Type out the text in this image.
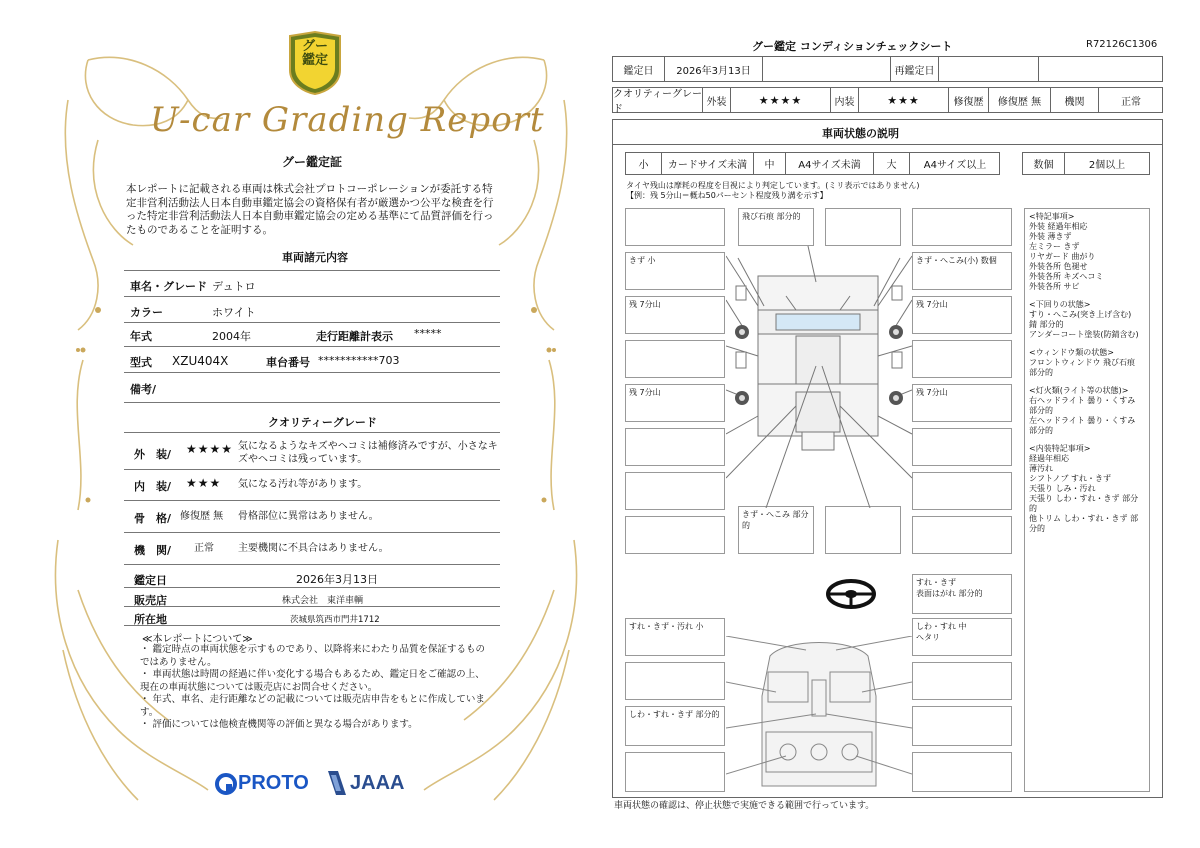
グー
鑑定
U-car Grading Report
グー鑑定証
本レポートに記載される車両は株式会社プロトコーポレーションが委託する特定非営利活動法人日本自動車鑑定協会の資格保有者が厳選かつ公平な検査を行った特定非営利活動法人日本自動車鑑定協会の定める基準にて品質評価を行ったものであることを証明する。
車両諸元内容
車名・グレード デュトロ
カラー	ホワイト
年式	2004年	走行距離計表示 *****
型式 XZU404X	車台番号 ***********703
備考/
クオリティーグレード
外　装/ ★★★★ 気になるようなキズやヘコミは補修済みですが、小さなキズやヘコミは残っています。
内　装/ ★★★ 気になる汚れ等があります。
骨　格/ 修復歴 無 骨格部位に異常はありません。
機　関/ 正常 主要機関に不具合はありません。
鑑定日	2026年3月13日
販売店	株式会社　東洋車輌
所在地	茨城県筑西市門井1712
≪本レポートについて≫
・ 鑑定時点の車両状態を示すものであり、以降将来にわたり品質を保証するものではありません。
・ 車両状態は時間の経過に伴い変化する場合もあるため、鑑定日をご確認の上、現在の車両状態については販売店にお問合せください。
・ 年式、車名、走行距離などの記載については販売店申告をもとに作成しています。
・ 評価については他検査機関等の評価と異なる場合があります。
PROTO JAAA
グー鑑定 コンディションチェックシート	R72126C1306
鑑定日	2026年3月13日	再鑑定日
クオリティーグレード
外装	★★★★	内装	★★★	修復歴	修復歴 無	機関	正常
車両状態の説明
小	カードサイズ未満	中	A4サイズ未満	大	A4サイズ以上	数個	2個以上
タイヤ残山は摩耗の程度を目視により判定しています。(ミリ表示ではありません)
【例：残 5分山＝概ね50パーセント程度残り溝を示す】
飛び石痕 部分的
きず 小	きず・へこみ(小) 数個
残 7分山	残 7分山
残 7分山	残 7分山
きず・へこみ 部分的
すれ・きず
表面はがれ 部分的
すれ・きず・汚れ 小	しわ・すれ 中
へタリ
しわ・すれ・きず 部分的
<特記事項>
外装 経過年相応
外装 薄きず
左ミラー きず
リヤガード 曲がり
外装各所 色褪せ
外装各所 キズヘコミ
外装各所 サビ
<下回りの状態>
すり・へこみ(突き上げ含む)
錆 部分的
アンダーコート塗装(防錆含む)
<ウィンドウ類の状態>
フロントウィンドウ 飛び石痕 部分的
<灯火類(ライト等の状態)>
右ヘッドライト 曇り・くすみ 部分的
左ヘッドライト 曇り・くすみ 部分的
<内装特記事項>
経過年相応
薄汚れ
シフトノブ すれ・きず
天張り しみ・汚れ
天張り しわ・すれ・きず 部分的
他トリム しわ・すれ・きず 部分的
車両状態の確認は、停止状態で実施できる範囲で行っています。
